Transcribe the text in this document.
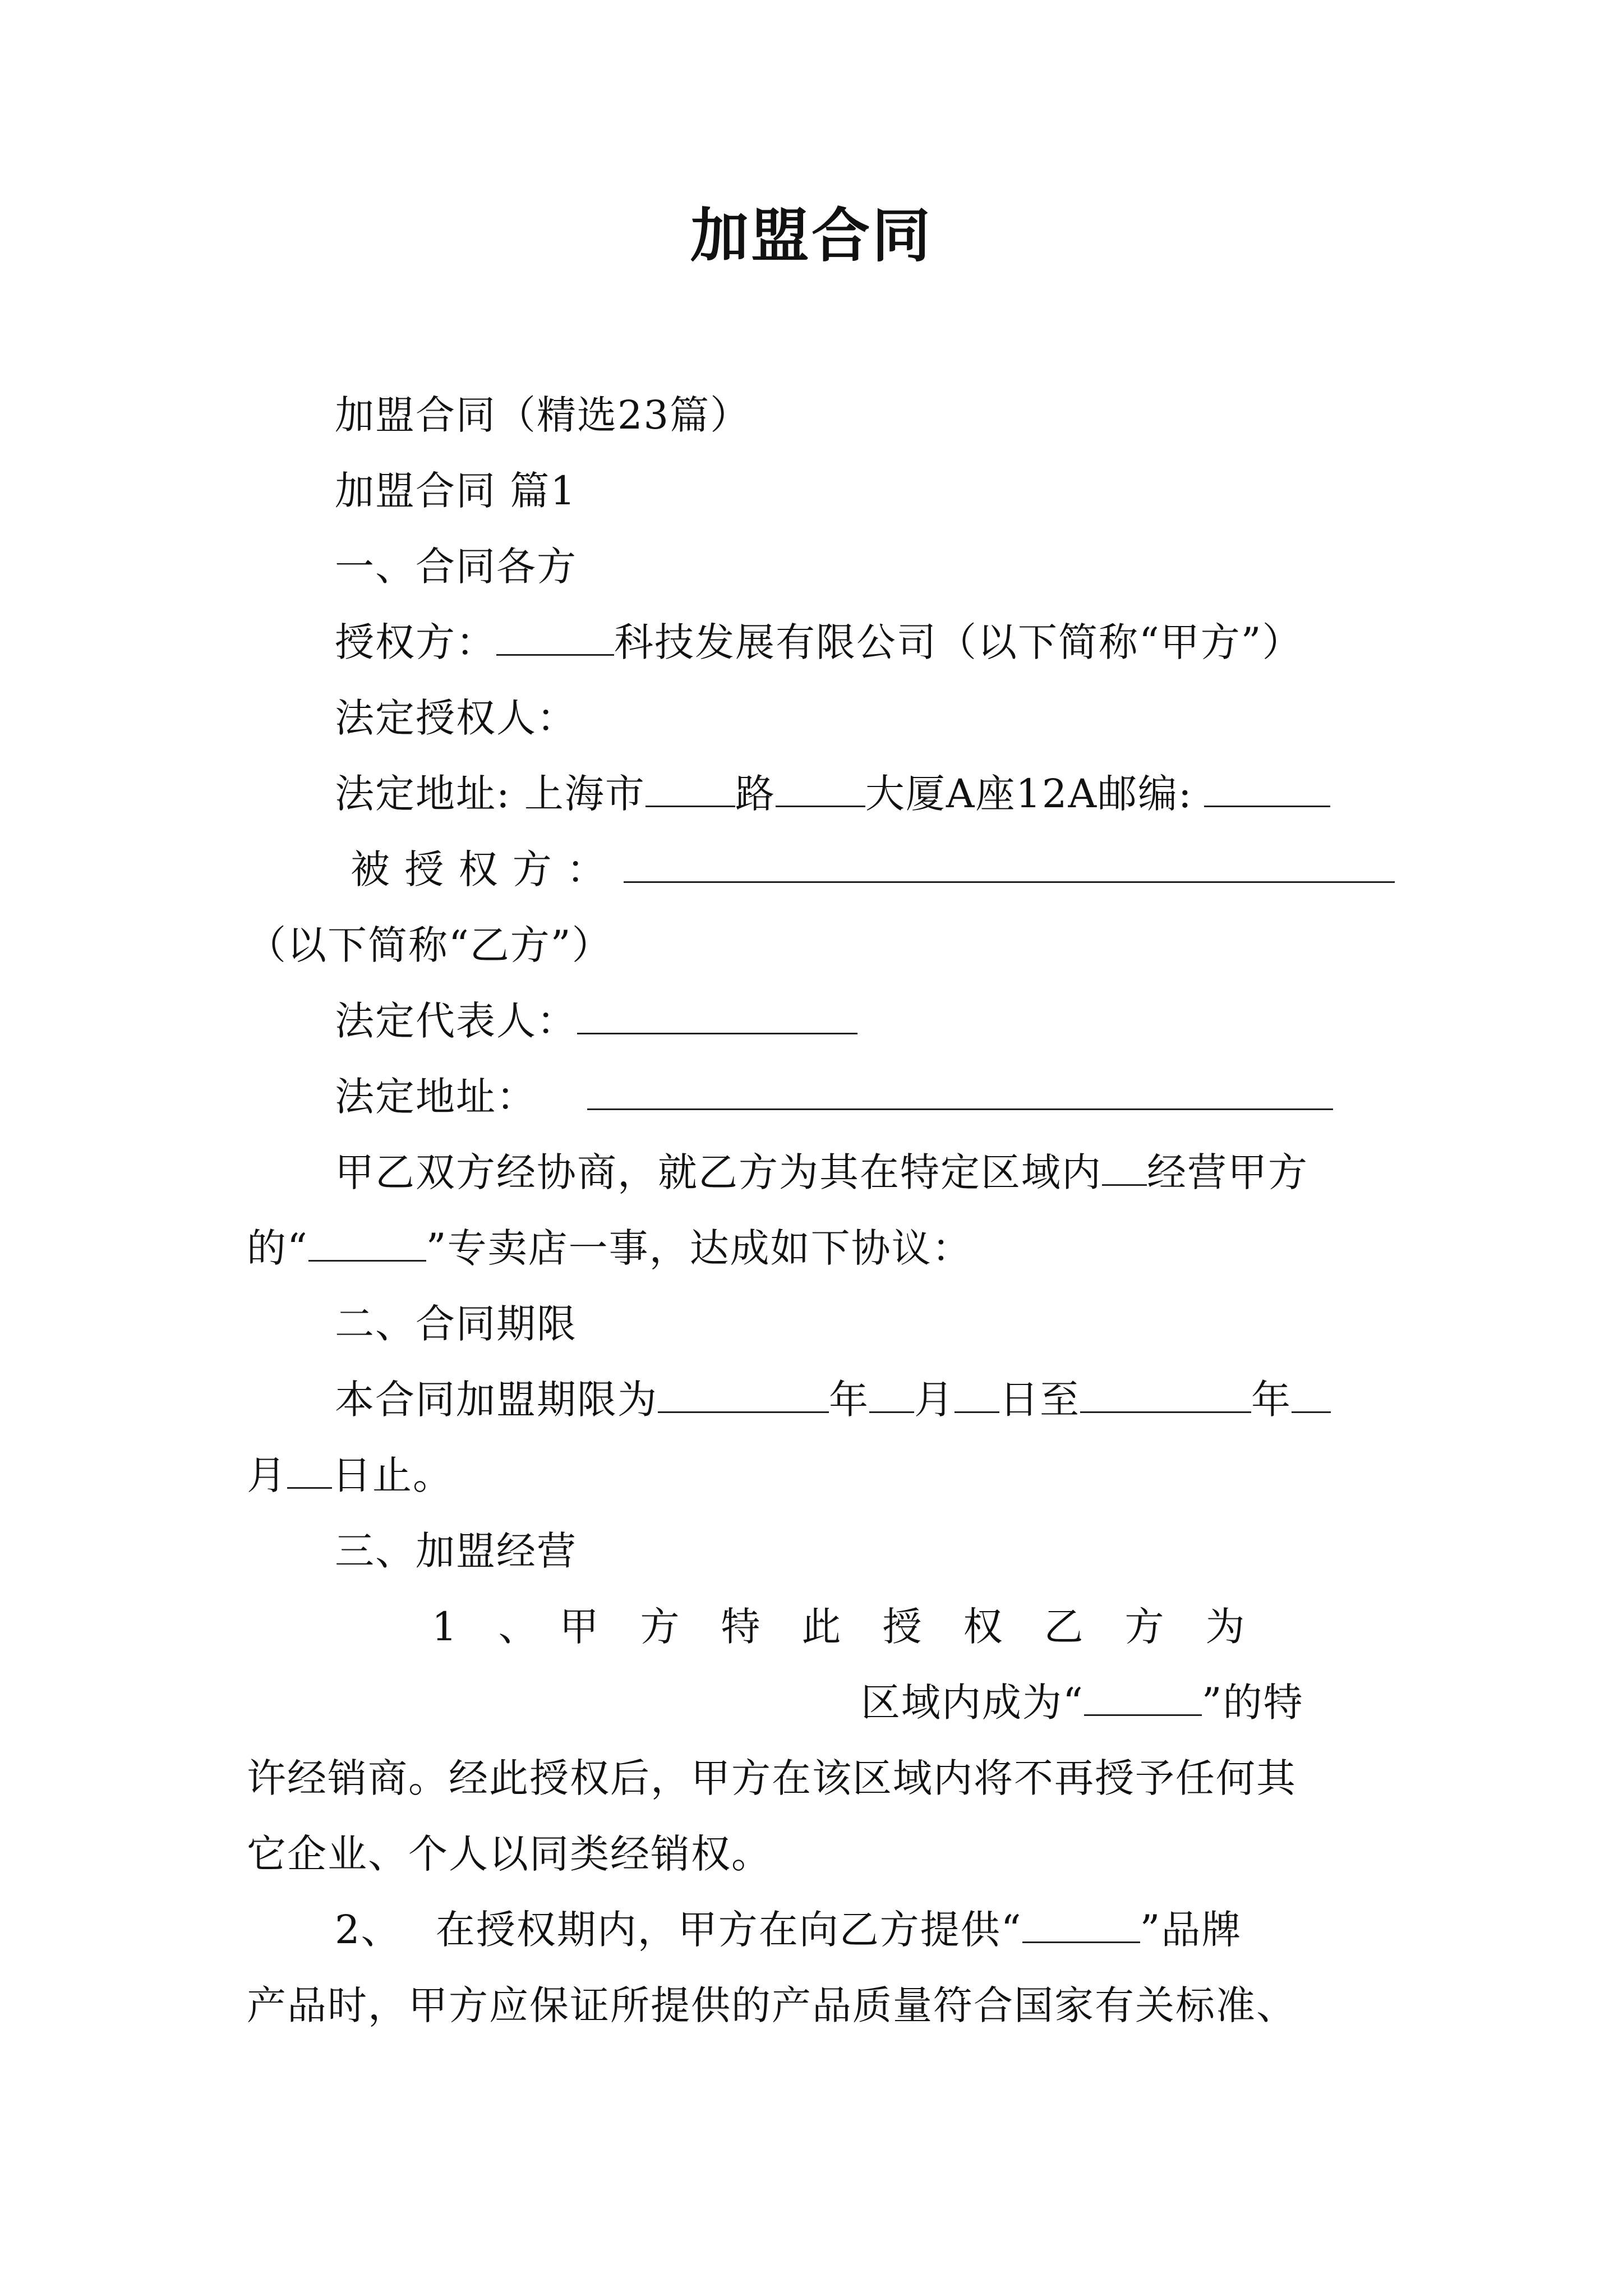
加盟合同
加盟合同（精选23篇）
加盟合同 篇1
一、合同各方
授权方：	科技发展有限公司（以下简称“甲方”）
法定授权人：
法定地址: 上海市 路 大厦A座12A邮编:
被 授 权 方 ：
（以下简称“乙方”）
法定代表人：
法定地址：
甲乙双方经协商，就乙方为其在特定区域内 经营甲方
的“	”专卖店一事，达成如下协议：
二、合同期限
本合同加盟期限为	年 月 日至	年
月 日止。
三、加盟经营
1　、　甲　方　特　此　授　权　乙　方　为
区域内成为“	”的特
许经销商。经此授权后，甲方在该区域内将不再授予任何其
它企业、个人以同类经销权。
2、　 在授权期内，甲方在向乙方提供“	”品牌
产品时，甲方应保证所提供的产品质量符合国家有关标准、
